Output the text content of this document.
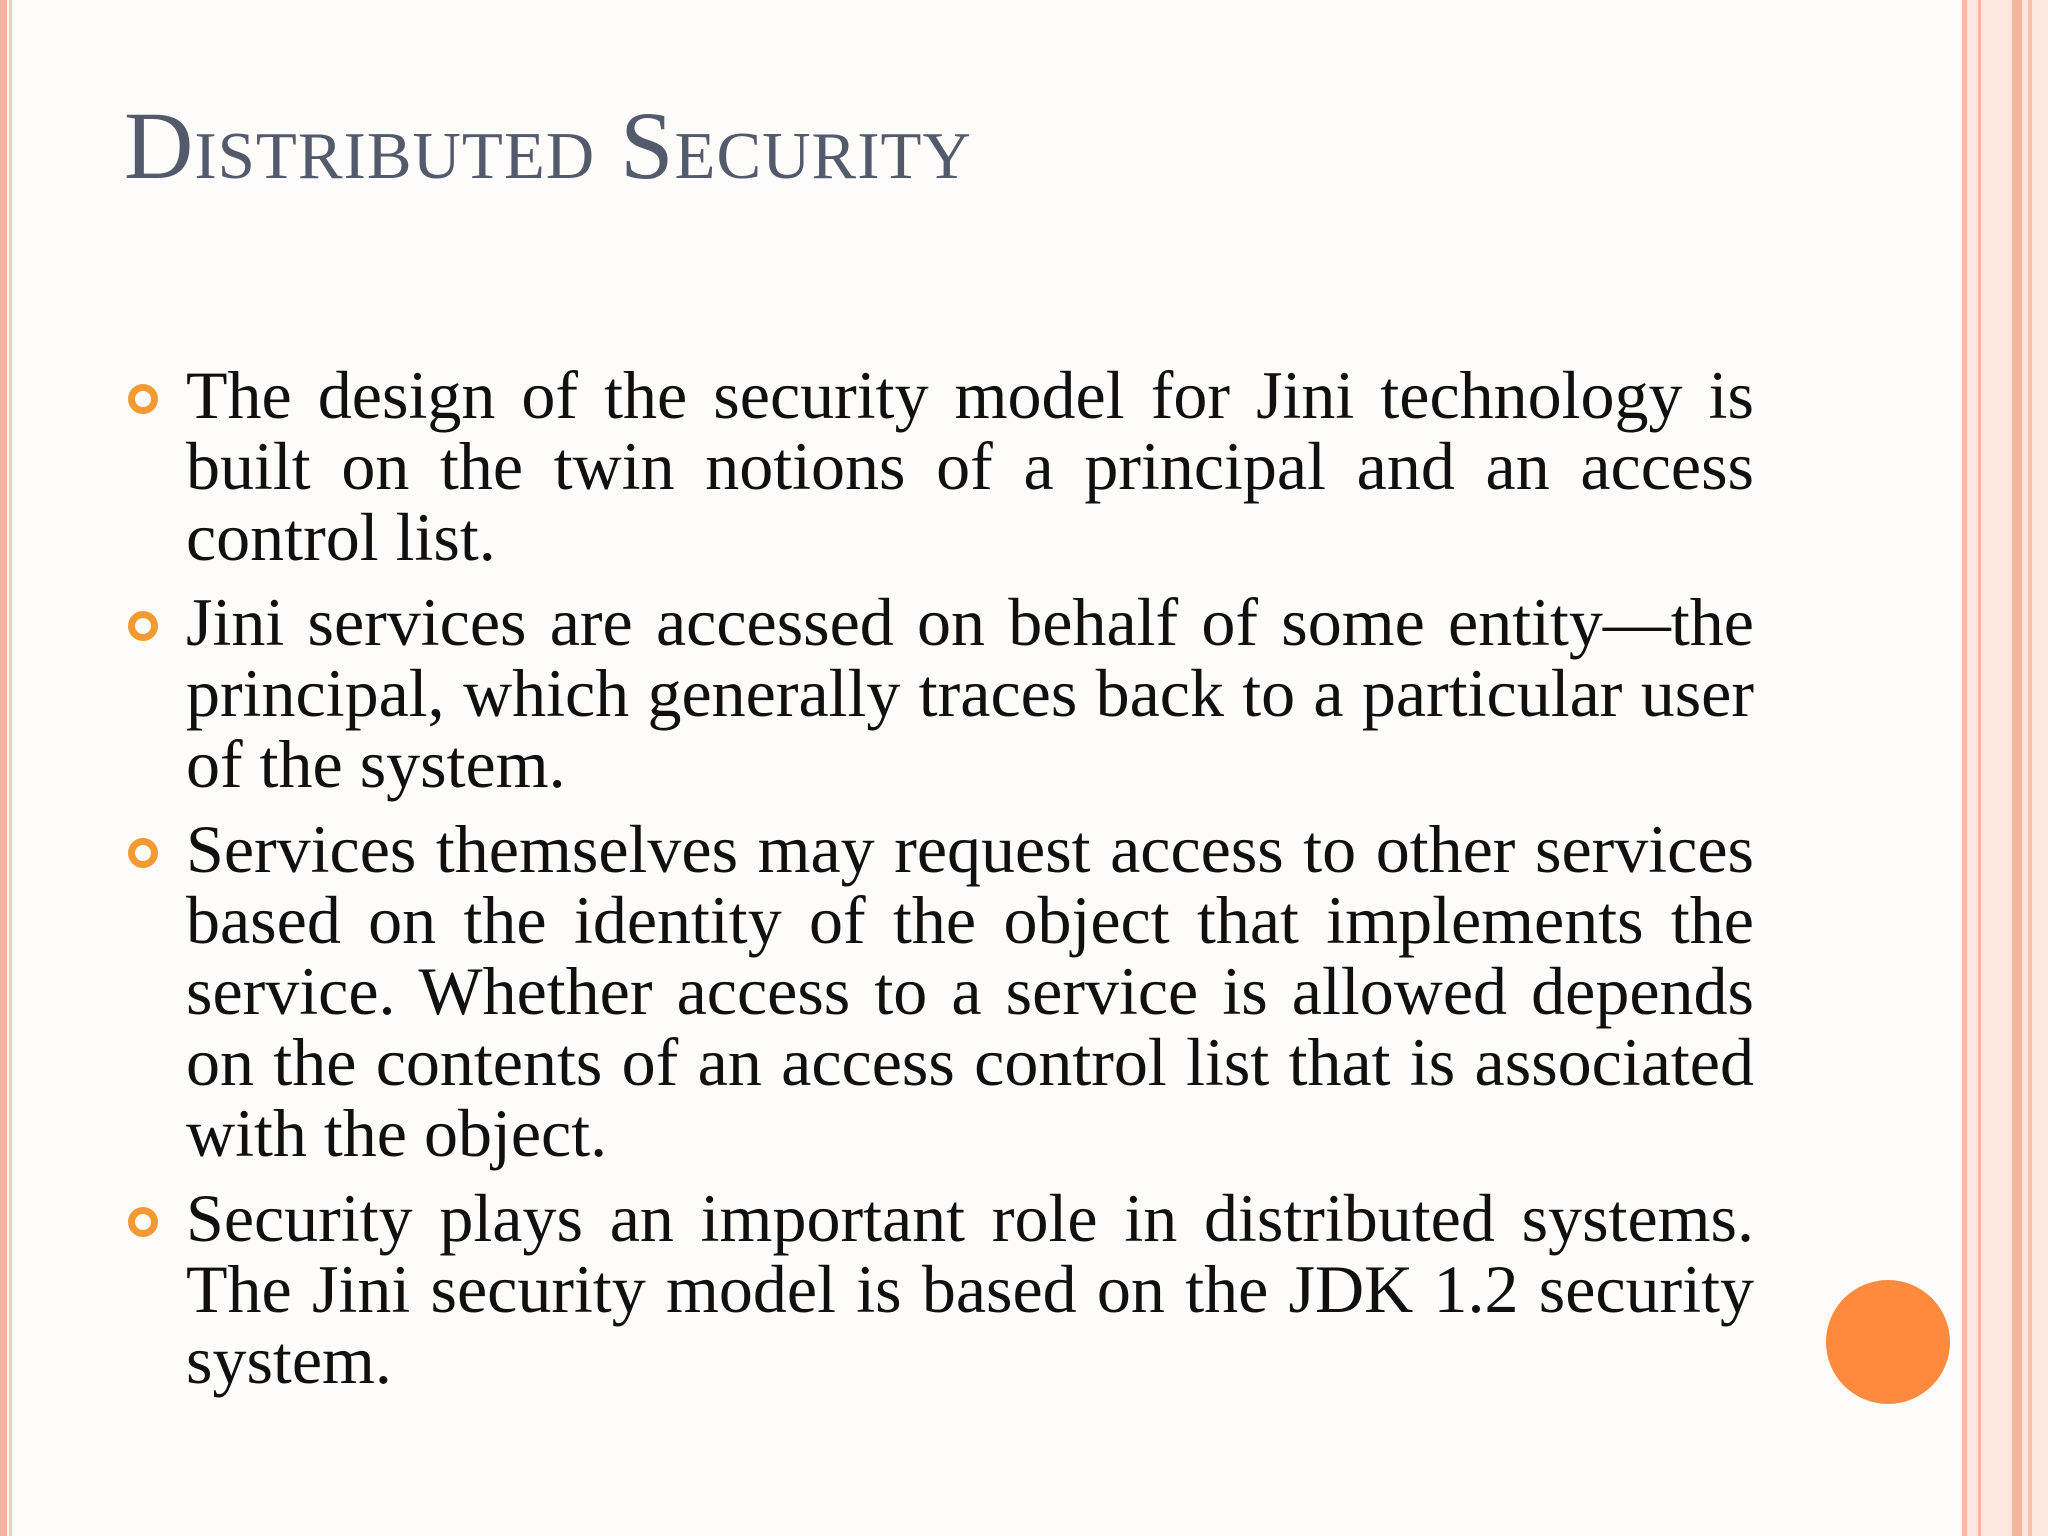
Distributed Security
The design of the security model for Jini technology is built on the twin notions of a principal and an access control list.
Jini services are accessed on behalf of some entity—the principal, which generally traces back to a particular user of the system.
Services themselves may request access to other services based on the identity of the object that implements the service. Whether access to a service is allowed depends on the contents of an access control list that is associated with the object.
Security plays an important role in distributed systems. The Jini security model is based on the JDK 1.2 security system.
